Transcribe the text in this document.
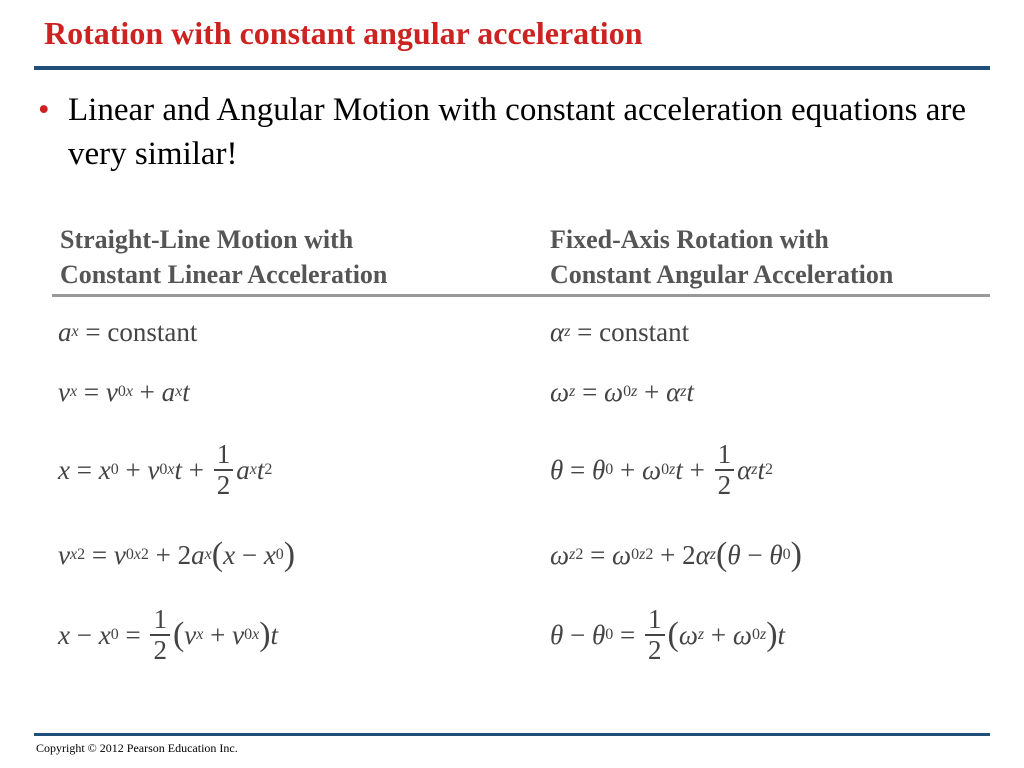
Rotation with constant angular acceleration
• Linear and Angular Motion with constant acceleration equations are very similar!
Straight-Line Motion with
Constant Linear Acceleration
Fixed-Axis Rotation with
Constant Angular Acceleration
a x = constant
v x = v 0x + a x t
x = x 0 + v 0x $t + \frac{1}{2}$ a x t 2
v x 2 = v 0x 2 + 2 a x ( x − x 0 )
x − x $0 = \frac{1}{2}$ ( v x + v 0x ) t
α z = constant
ω z = ω 0z + α z t
θ = θ 0 + ω 0z $t + \frac{1}{2}$ α z t 2
ω z 2 = ω 0z 2 + 2 α z ( θ − θ 0 )
θ − θ $0 = \frac{1}{2}$ ( ω z + ω 0z ) t
Copyright © 2012 Pearson Education Inc.
